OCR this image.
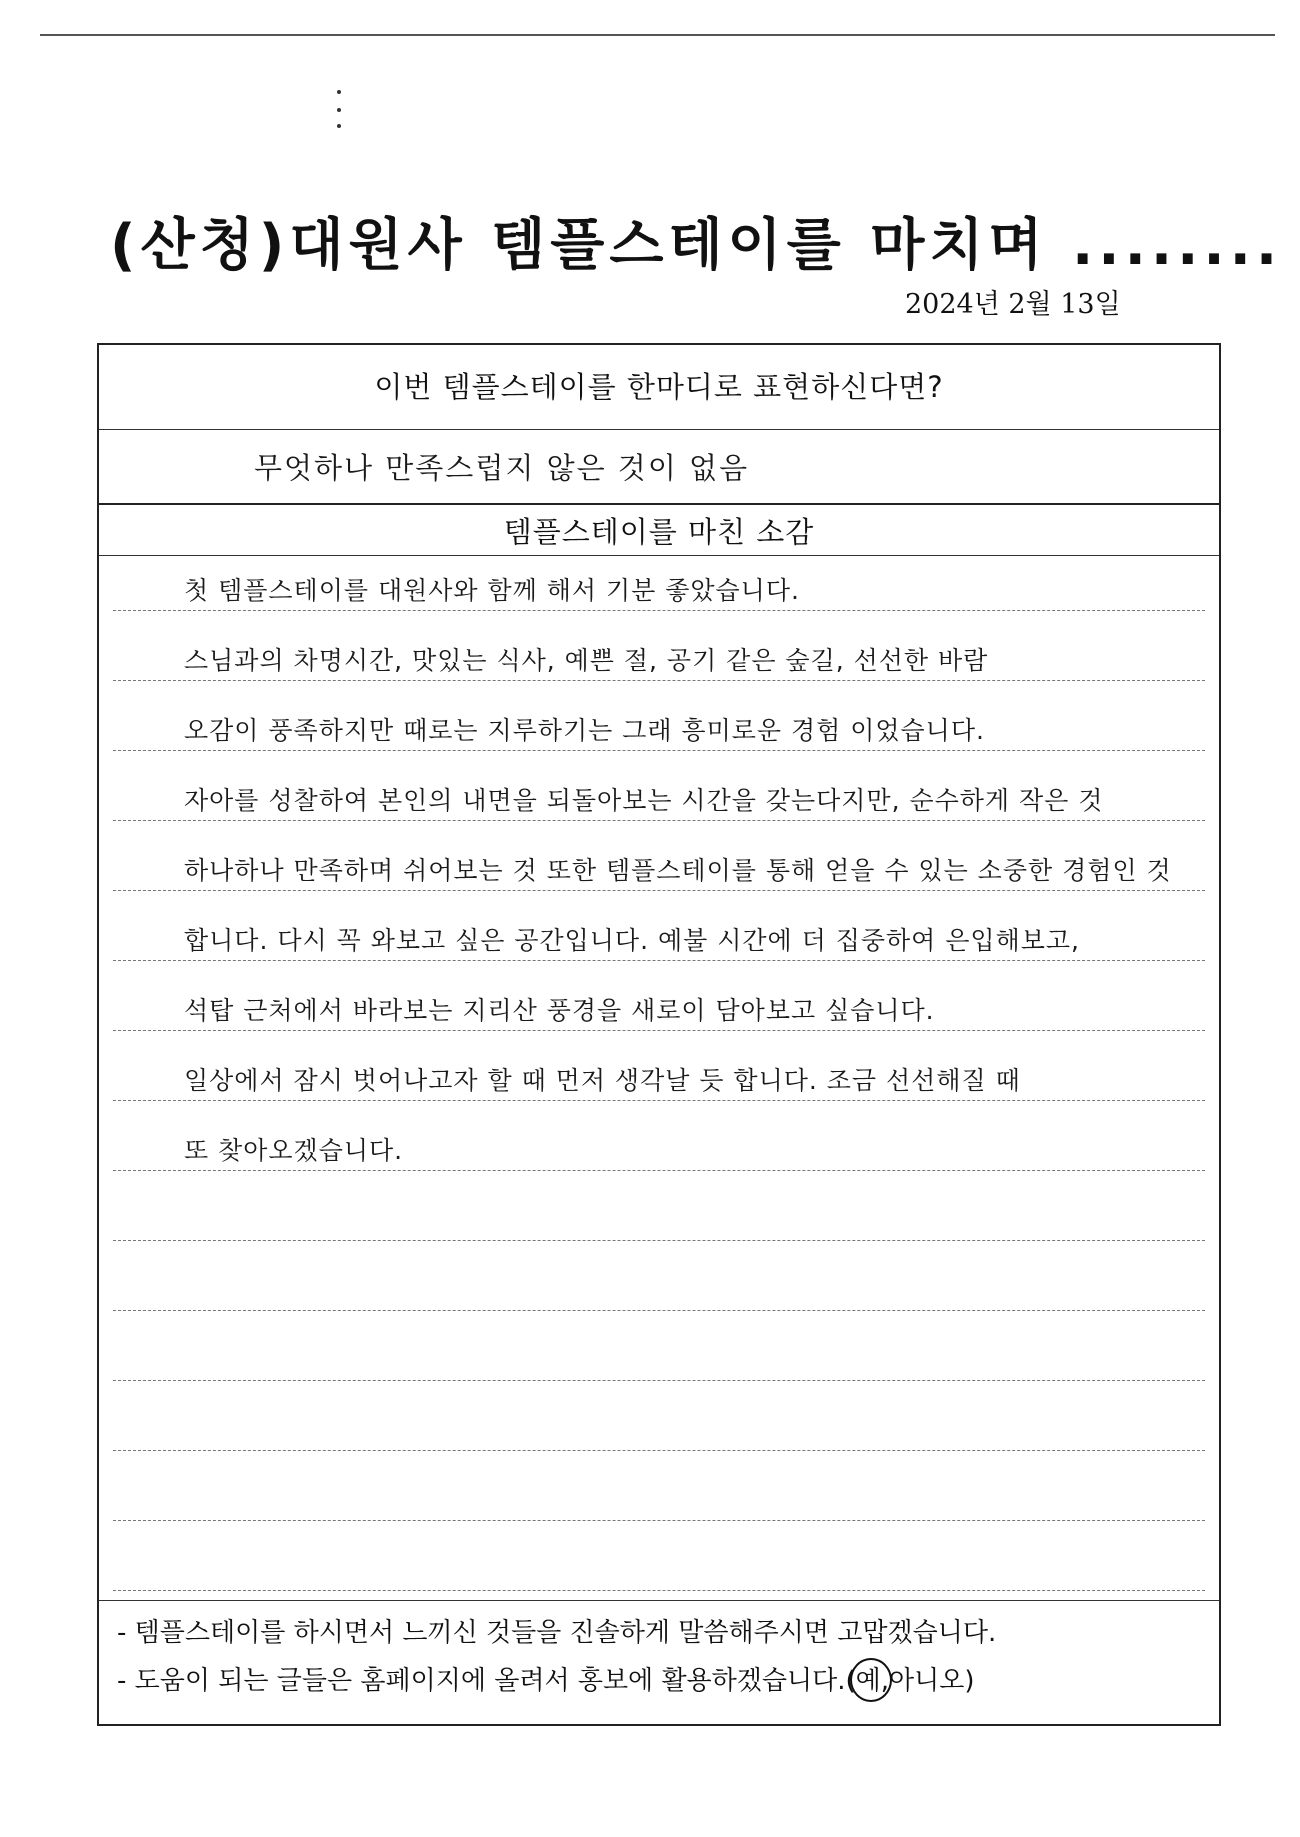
(산청)대원사 템플스테이를 마치며 ........
2024년 2월 13일
이번 템플스테이를 한마디로 표현하신다면?
무엇하나 만족스럽지 않은 것이 없음
템플스테이를 마친 소감
첫 템플스테이를 대원사와 함께 해서 기분 좋았습니다.
스님과의 차명시간, 맛있는 식사, 예쁜 절, 공기 같은 숲길, 선선한 바람
오감이 풍족하지만 때로는 지루하기는 그래 흥미로운 경험 이었습니다.
자아를 성찰하여 본인의 내면을 되돌아보는 시간을 갖는다지만, 순수하게 작은 것
하나하나 만족하며 쉬어보는 것 또한 템플스테이를 통해 얻을 수 있는 소중한 경험인 것
합니다. 다시 꼭 와보고 싶은 공간입니다. 예불 시간에 더 집중하여 은입해보고,
석탑 근처에서 바라보는 지리산 풍경을 새로이 담아보고 싶습니다.
일상에서 잠시 벗어나고자 할 때 먼저 생각날 듯 합니다. 조금 선선해질 때
또 찾아오겠습니다.
- 템플스테이를 하시면서 느끼신 것들을 진솔하게 말씀해주시면 고맙겠습니다.
- 도움이 되는 글들은 홈페이지에 올려서 홍보에 활용하겠습니다.(예,아니오)
